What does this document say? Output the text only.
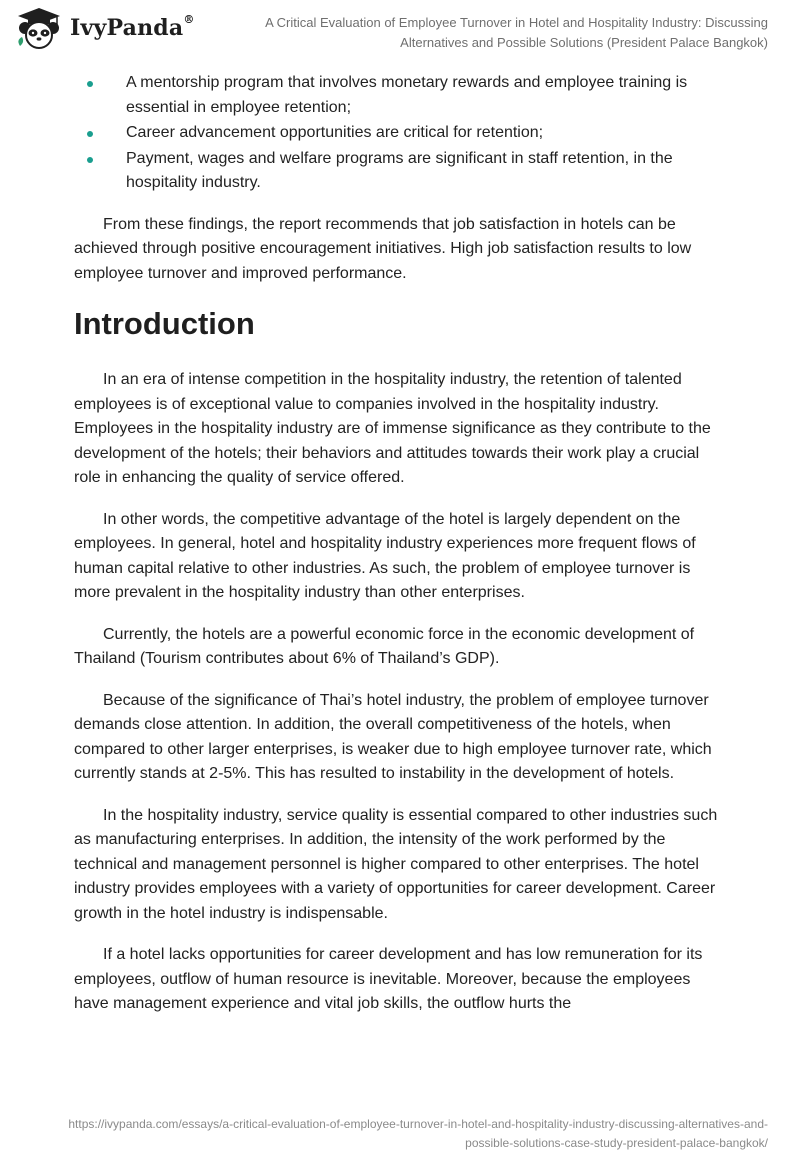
IvyPanda®	A Critical Evaluation of Employee Turnover in Hotel and Hospitality Industry: Discussing Alternatives and Possible Solutions (President Palace Bangkok)
A mentorship program that involves monetary rewards and employee training is essential in employee retention;
Career advancement opportunities are critical for retention;
Payment, wages and welfare programs are significant in staff retention, in the hospitality industry.

From these findings, the report recommends that job satisfaction in hotels can be achieved through positive encouragement initiatives. High job satisfaction results to low employee turnover and improved performance.

Introduction

In an era of intense competition in the hospitality industry, the retention of talented employees is of exceptional value to companies involved in the hospitality industry. Employees in the hospitality industry are of immense significance as they contribute to the development of the hotels; their behaviors and attitudes towards their work play a crucial role in enhancing the quality of service offered.

In other words, the competitive advantage of the hotel is largely dependent on the employees. In general, hotel and hospitality industry experiences more frequent flows of human capital relative to other industries. As such, the problem of employee turnover is more prevalent in the hospitality industry than other enterprises.

Currently, the hotels are a powerful economic force in the economic development of Thailand (Tourism contributes about 6% of Thailand’s GDP).

Because of the significance of Thai’s hotel industry, the problem of employee turnover demands close attention. In addition, the overall competitiveness of the hotels, when compared to other larger enterprises, is weaker due to high employee turnover rate, which currently stands at 2-5%. This has resulted to instability in the development of hotels.

In the hospitality industry, service quality is essential compared to other industries such as manufacturing enterprises. In addition, the intensity of the work performed by the technical and management personnel is higher compared to other enterprises. The hotel industry provides employees with a variety of opportunities for career development. Career growth in the hotel industry is indispensable.

If a hotel lacks opportunities for career development and has low remuneration for its employees, outflow of human resource is inevitable. Moreover, because the employees have management experience and vital job skills, the outflow hurts the

https://ivypanda.com/essays/a-critical-evaluation-of-employee-turnover-in-hotel-and-hospitality-industry-discussing-alternatives-and-possible-solutions-case-study-president-palace-bangkok/
